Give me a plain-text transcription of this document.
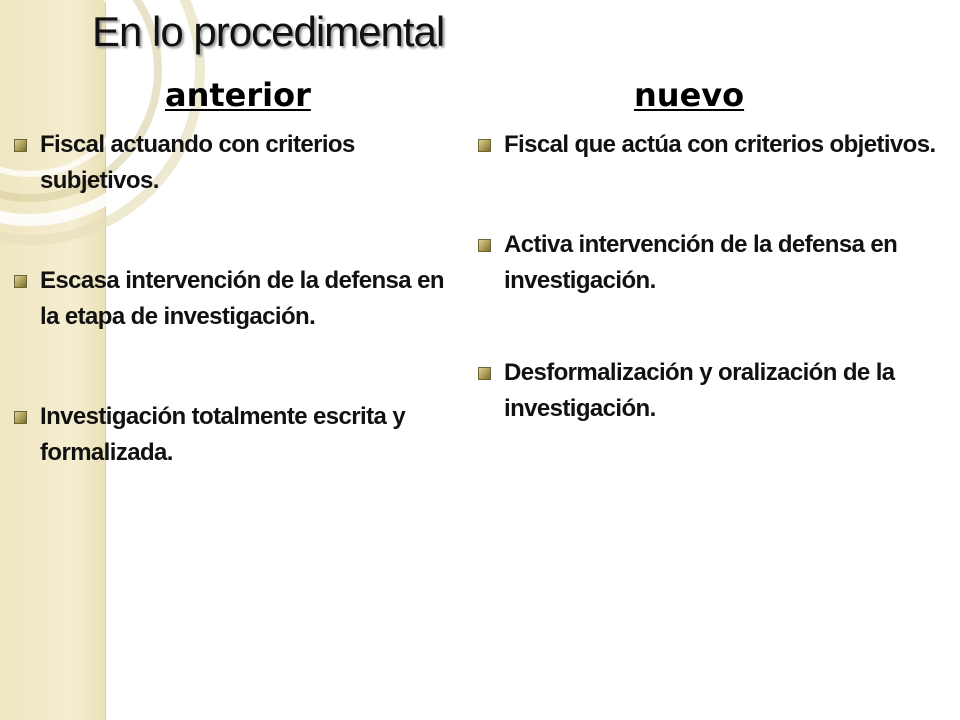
En lo procedimental
anterior	nuevo
Fiscal actuando con criterios subjetivos.
Escasa intervención de la defensa en la etapa de investigación.
Investigación totalmente escrita y formalizada.
Fiscal que actúa con criterios objetivos.
Activa intervención de la defensa en  investigación.
Desformalización y oralización de la investigación.
